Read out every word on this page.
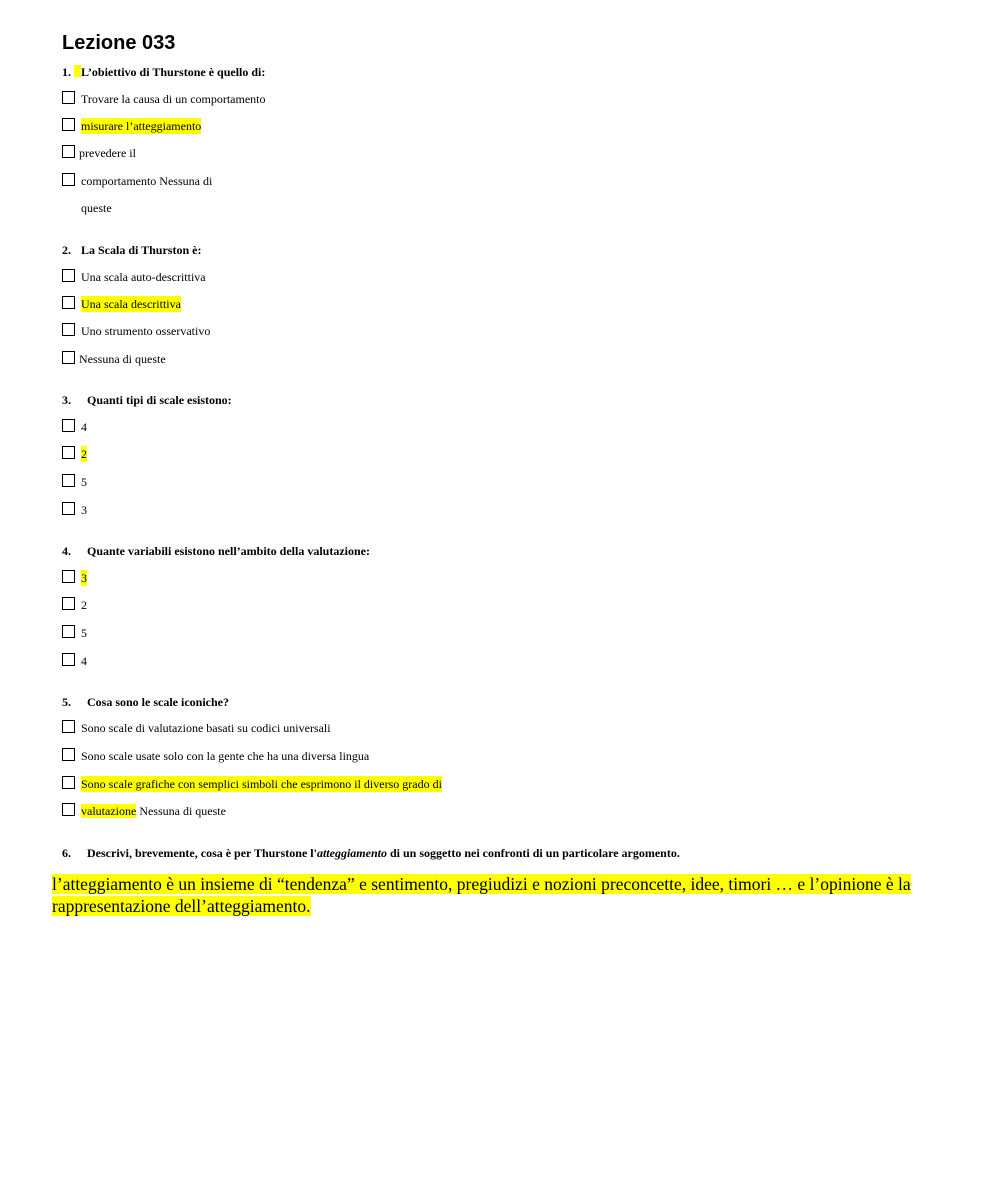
Lezione 033
1. L’obiettivo di Thurstone è quello di:
Trovare la causa di un comportamento
misurare l’atteggiamento
prevedere il
comportamento Nessuna di
queste
2. La Scala di Thurston è:
Una scala auto-descrittiva
Una scala descrittiva
Uno strumento osservativo
Nessuna di queste
3. Quanti tipi di scale esistono:
4
2
5
3
4. Quante variabili esistono nell’ambito della valutazione:
3
2
5
4
5. Cosa sono le scale iconiche?
Sono scale di valutazione basati su codici universali
Sono scale usate solo con la gente che ha una diversa lingua
Sono scale grafiche con semplici simboli che esprimono il diverso grado di
valutazione Nessuna di queste
6. Descrivi, brevemente, cosa è per Thurstone l'atteggiamento di un soggetto nei confronti di un particolare argomento.

l’atteggiamento è un insieme di “tendenza” e sentimento, pregiudizi e nozioni preconcette, idee, timori … e l’opinione è la rappresentazione dell’atteggiamento.
